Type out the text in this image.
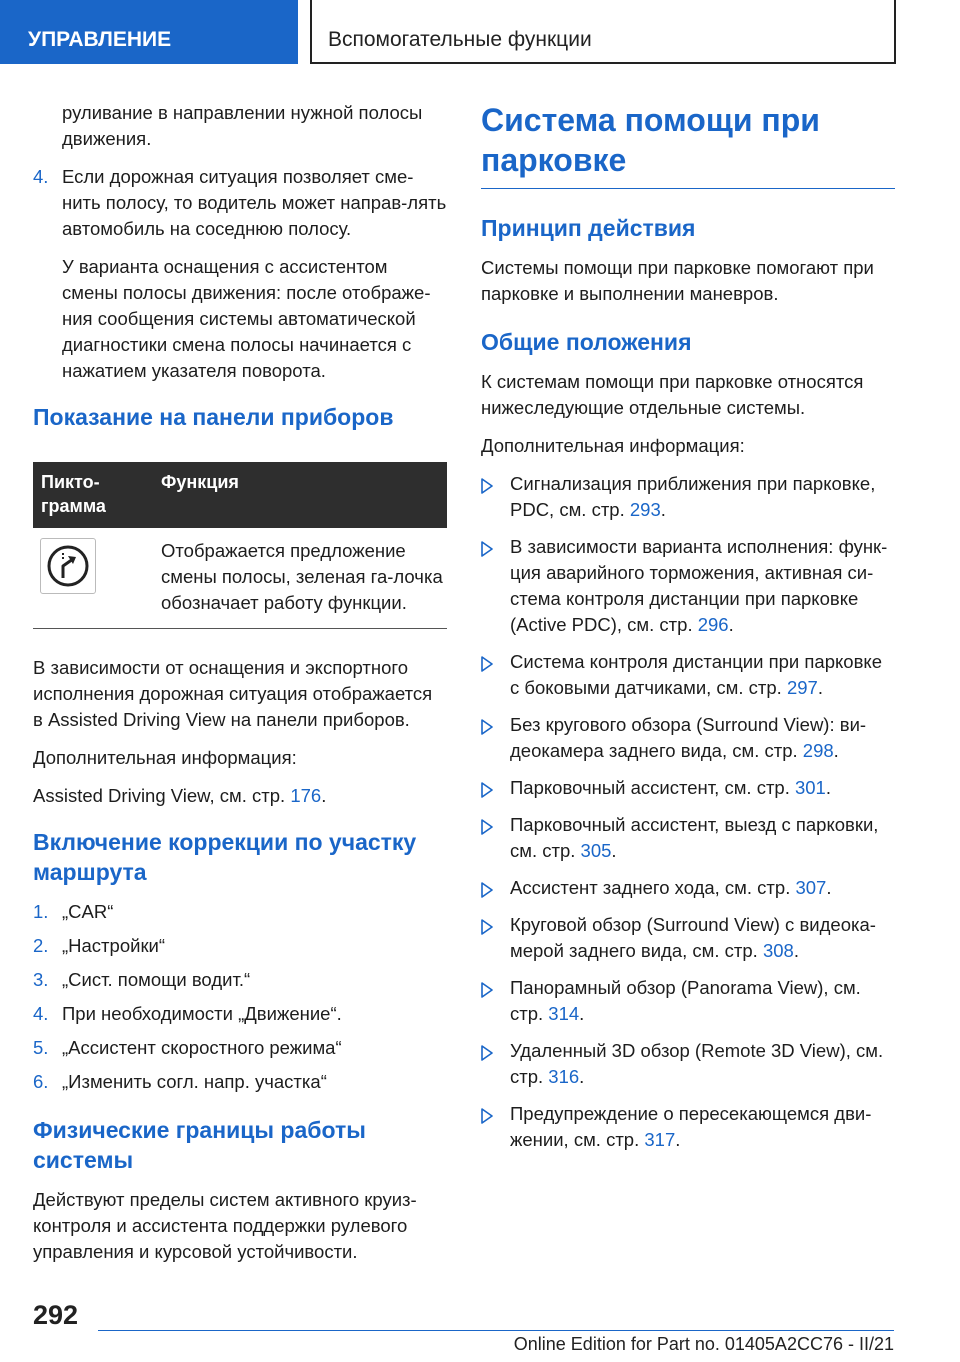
УПРАВЛЕНИЕ	Вспомогательные функции

руливание в направлении нужной полосы движения.

4. Если дорожная ситуация позволяет сме-нить полосу, то водитель может направ-лять автомобиль на соседнюю полосу.

У варианта оснащения с ассистентом смены полосы движения: после отображе-ния сообщения системы автоматической диагностики смена полосы начинается с нажатием указателя поворота.

Показание на панели приборов
Пикто-грамма
Функция
Отображается предложение смены полосы, зеленая га-лочка обозначает работу функции.

В зависимости от оснащения и экспортного исполнения дорожная ситуация отображается в Assisted Driving View на панели приборов.

Дополнительная информация:

Assisted Driving View, см. стр. 176.

Включение коррекции по участку маршрута
1. „CAR“
2. „Настройки“
3. „Сист. помощи водит.“
4. При необходимости „Движение“.
5. „Ассистент скоростного режима“
6. „Изменить согл. напр. участка“
Физические границы работы системы

Действуют пределы систем активного круиз-контроля и ассистента поддержки рулевого управления и курсовой устойчивости.

Система помощи при парковке
Принцип действия

Системы помощи при парковке помогают при парковке и выполнении маневров.

Общие положения

К системам помощи при парковке относятся нижеследующие отдельные системы.

Дополнительная информация:

Сигнализация приближения при парковке, PDC, см. стр. 293.
В зависимости варианта исполнения: функ-ция аварийного торможения, активная си-стема контроля дистанции при парковке (Active PDC), см. стр. 296.
Система контроля дистанции при парковке с боковыми датчиками, см. стр. 297.
Без кругового обзора (Surround View): ви-деокамера заднего вида, см. стр. 298.
Парковочный ассистент, см. стр. 301.
Парковочный ассистент, выезд с парковки, см. стр. 305.
Ассистент заднего хода, см. стр. 307.
Круговой обзор (Surround View) с видеока-мерой заднего вида, см. стр. 308.
Панорамный обзор (Panorama View), см. стр. 314.
Удаленный 3D обзор (Remote 3D View), см. стр. 316.
Предупреждение о пересекающемся дви-жении, см. стр. 317.
292
Online Edition for Part no. 01405A2CC76 - II/21
